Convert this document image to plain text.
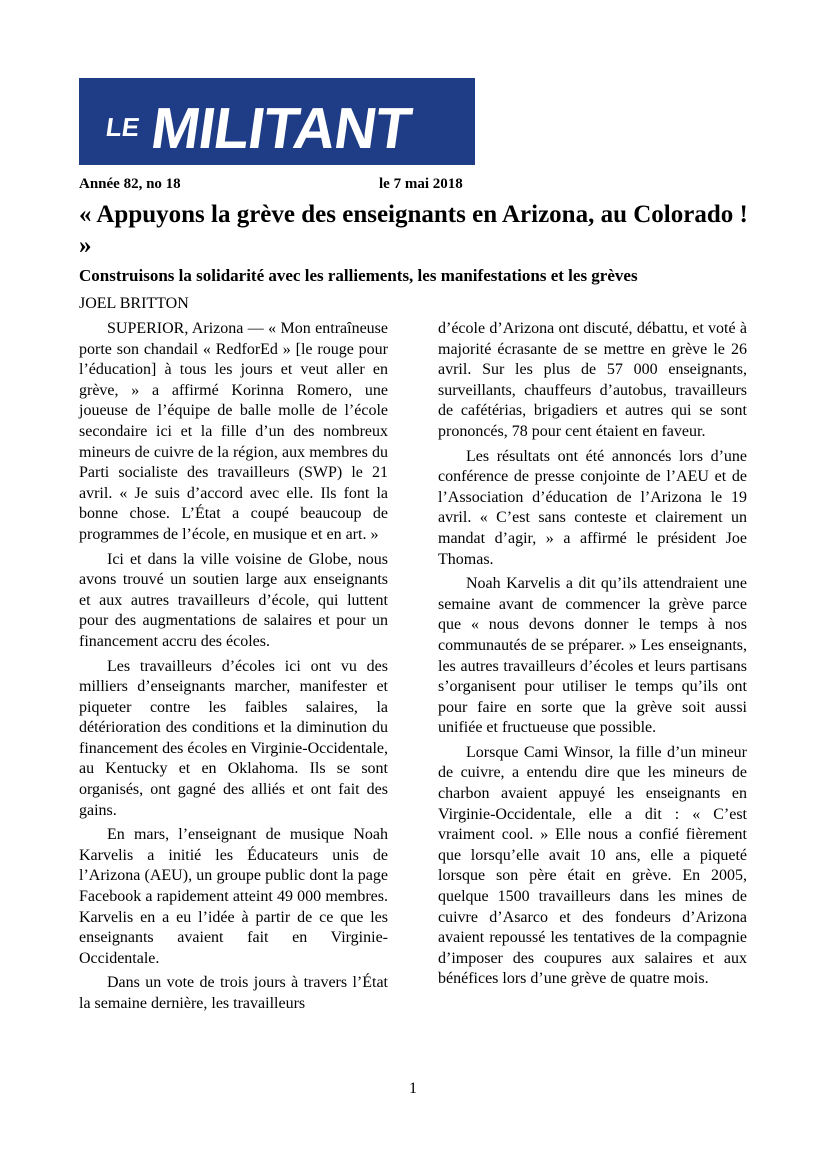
LE MILITANT
Année 82, no 18	le 7 mai 2018
« Appuyons la grève des enseignants en Arizona, au Colorado ! »
Construisons la solidarité avec les ralliements, les manifestations et les grèves
JOEL BRITTON

SUPERIOR, Arizona — « Mon entraîneuse porte son chandail « RedforEd » [le rouge pour l’éducation] à tous les jours et veut aller en grève, » a affirmé Korinna Romero, une joueuse de l’équipe de balle molle de l’école secondaire ici et la fille d’un des nombreux mineurs de cuivre de la région, aux membres du Parti socialiste des travailleurs (SWP) le 21 avril. « Je suis d’accord avec elle. Ils font la bonne chose. L’État a coupé beaucoup de programmes de l’école, en musique et en art. »

Ici et dans la ville voisine de Globe, nous avons trouvé un soutien large aux enseignants et aux autres travailleurs d’école, qui luttent pour des augmentations de salaires et pour un financement accru des écoles.

Les travailleurs d’écoles ici ont vu des milliers d’enseignants marcher, manifester et piqueter contre les faibles salaires, la détérioration des conditions et la diminution du financement des écoles en Virginie-Occidentale, au Kentucky et en Oklahoma. Ils se sont organisés, ont gagné des alliés et ont fait des gains.

En mars, l’enseignant de musique Noah Karvelis a initié les Éducateurs unis de l’Arizona (AEU), un groupe public dont la page Facebook a rapidement atteint 49 000 membres. Karvelis en a eu l’idée à partir de ce que les enseignants avaient fait en Virginie-Occidentale.

Dans un vote de trois jours à travers l’État la semaine dernière, les travailleurs

d’école d’Arizona ont discuté, débattu, et voté à majorité écrasante de se mettre en grève le 26 avril. Sur les plus de 57 000 enseignants, surveillants, chauffeurs d’autobus, travailleurs de cafétérias, brigadiers et autres qui se sont prononcés, 78 pour cent étaient en faveur.

Les résultats ont été annoncés lors d’une conférence de presse conjointe de l’AEU et de l’Association d’éducation de l’Arizona le 19 avril. « C’est sans conteste et clairement un mandat d’agir, » a affirmé le président Joe Thomas.

Noah Karvelis a dit qu’ils attendraient une semaine avant de commencer la grève parce que « nous devons donner le temps à nos communautés de se préparer. » Les enseignants, les autres travailleurs d’écoles et leurs partisans s’organisent pour utiliser le temps qu’ils ont pour faire en sorte que la grève soit aussi unifiée et fructueuse que possible.

Lorsque Cami Winsor, la fille d’un mineur de cuivre, a entendu dire que les mineurs de charbon avaient appuyé les enseignants en Virginie-Occidentale, elle a dit : « C’est vraiment cool. » Elle nous a confié fièrement que lorsqu’elle avait 10 ans, elle a piqueté lorsque son père était en grève. En 2005, quelque 1500 travailleurs dans les mines de cuivre d’Asarco et des fondeurs d’Arizona avaient repoussé les tentatives de la compagnie d’imposer des coupures aux salaires et aux bénéfices lors d’une grève de quatre mois.

1
